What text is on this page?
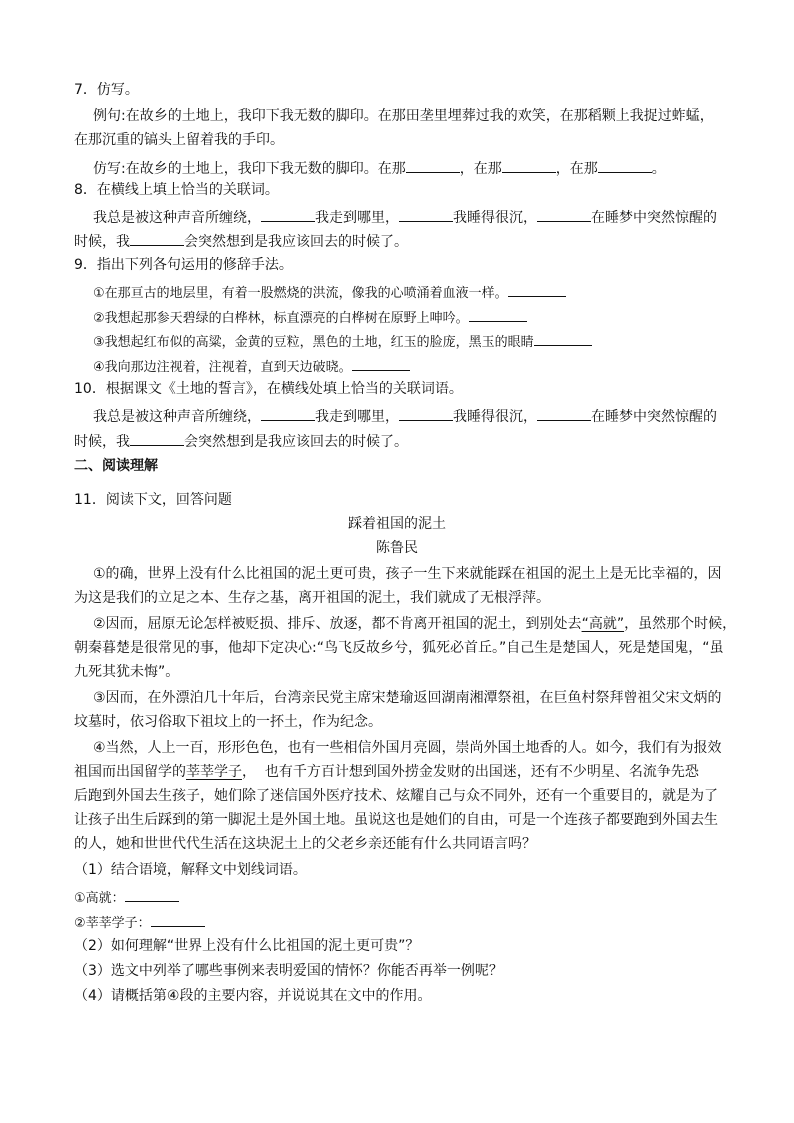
7．仿写。
例句:在故乡的土地上，我印下我无数的脚印。在那田垄里埋葬过我的欢笑，在那稻颗上我捉过蚱蜢，
在那沉重的镐头上留着我的手印。
仿写:在故乡的土地上，我印下我无数的脚印。在那	，在那	，在那	。
8．在横线上填上恰当的关联词。
我总是被这种声音所缠绕，	我走到哪里，	我睡得很沉，	在睡梦中突然惊醒的
时候，我	会突然想到是我应该回去的时候了。
9．指出下列各句运用的修辞手法。
①在那亘古的地层里，有着一股燃烧的洪流，像我的心喷涌着血液一样。
②我想起那参天碧绿的白桦林，标直漂亮的白桦树在原野上呻吟。
③我想起红布似的高粱，金黄的豆粒，黑色的土地，红玉的脸庞，黑玉的眼睛
④我向那边注视着，注视着，直到天边破晓。
10．根据课文《土地的誓言》，在横线处填上恰当的关联词语。
我总是被这种声音所缠绕，	我走到哪里，	我睡得很沉，	在睡梦中突然惊醒的
时候，我	会突然想到是我应该回去的时候了。
二、阅读理解
11．阅读下文，回答问题
踩着祖国的泥土
陈鲁民
①的确，世界上没有什么比祖国的泥土更可贵，孩子一生下来就能踩在祖国的泥土上是无比幸福的，因
为这是我们的立足之本、生存之基，离开祖国的泥土，我们就成了无根浮萍。
②因而，屈原无论怎样被贬损、排斥、放逐，都不肯离开祖国的泥土，到别处去“高就”，虽然那个时候，
朝秦暮楚是很常见的事，他却下定决心:“鸟飞反故乡兮，狐死必首丘。”自己生是楚国人，死是楚国鬼，“虽
九死其犹未悔”。
③因而，在外漂泊几十年后，台湾亲民党主席宋楚瑜返回湖南湘潭祭祖，在巨鱼村祭拜曾祖父宋文炳的
坟墓时，依习俗取下祖坟上的一抔土，作为纪念。
④当然，人上一百，形形色色，也有一些相信外国月亮圆，崇尚外国土地香的人。如今，我们有为报效
祖国而出国留学的莘莘学子，  也有千方百计想到国外捞金发财的出国迷，还有不少明星、名流争先恐
后跑到外国去生孩子，她们除了迷信国外医疗技术、炫耀自己与众不同外，还有一个重要目的，就是为了
让孩子出生后踩到的第一脚泥土是外国土地。虽说这也是她们的自由，可是一个连孩子都要跑到外国去生
的人，她和世世代代生活在这块泥土上的父老乡亲还能有什么共同语言吗？
（1）结合语境，解释文中划线词语。
①高就：
②莘莘学子：
（2）如何理解“世界上没有什么比祖国的泥土更可贵”？
（3）选文中列举了哪些事例来表明爱国的情怀？你能否再举一例呢？
（4）请概括第④段的主要内容，并说说其在文中的作用。
